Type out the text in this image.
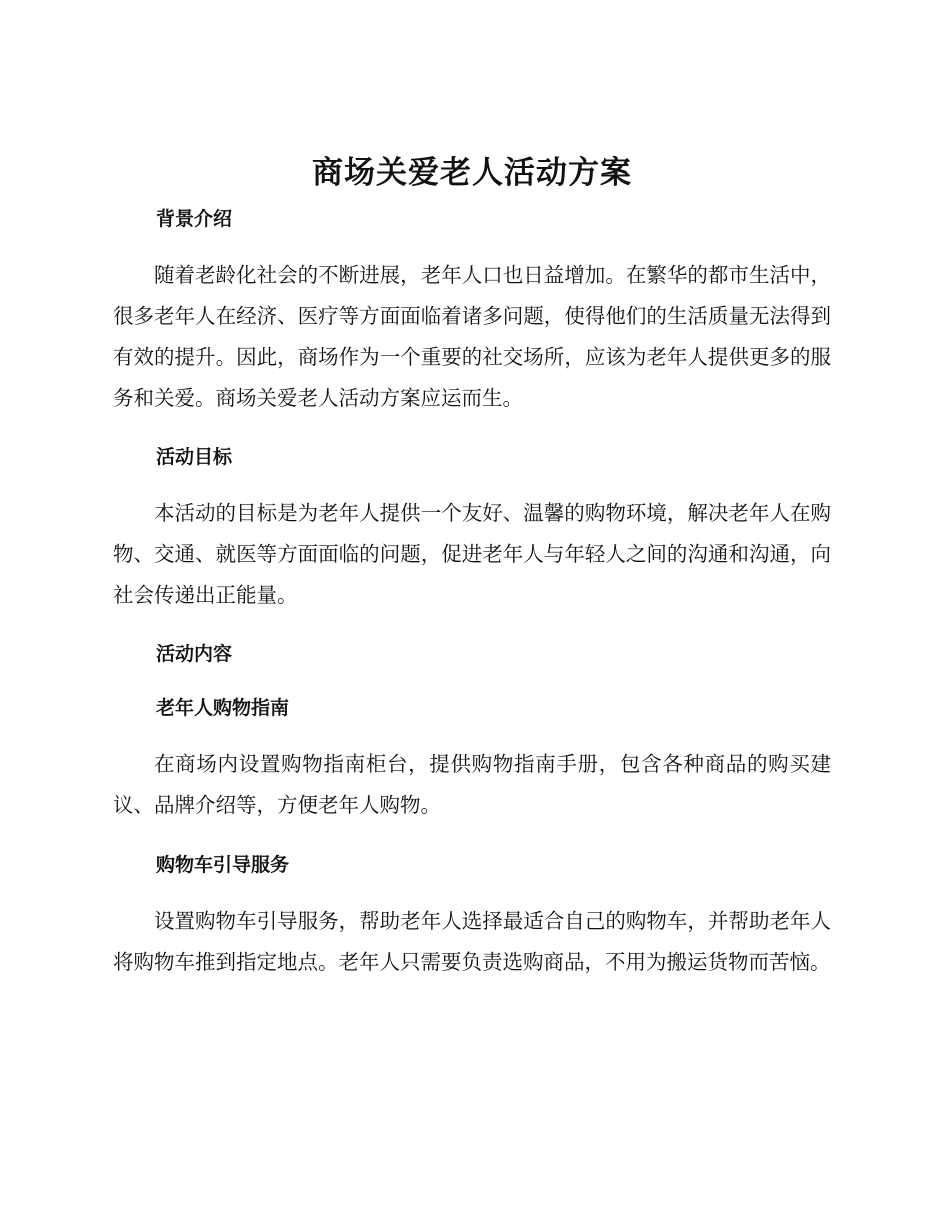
商场关爱老人活动方案
背景介绍

随着老龄化社会的不断进展，老年人口也日益增加。在繁华的都市生活中，很多老年人在经济、医疗等方面面临着诸多问题，使得他们的生活质量无法得到有效的提升。因此，商场作为一个重要的社交场所，应该为老年人提供更多的服务和关爱。商场关爱老人活动方案应运而生。

活动目标

本活动的目标是为老年人提供一个友好、温馨的购物环境，解决老年人在购物、交通、就医等方面面临的问题，促进老年人与年轻人之间的沟通和沟通，向社会传递出正能量。

活动内容
老年人购物指南

在商场内设置购物指南柜台，提供购物指南手册，包含各种商品的购买建议、品牌介绍等，方便老年人购物。

购物车引导服务

设置购物车引导服务，帮助老年人选择最适合自己的购物车，并帮助老年人将购物车推到指定地点。老年人只需要负责选购商品，不用为搬运货物而苦恼。
